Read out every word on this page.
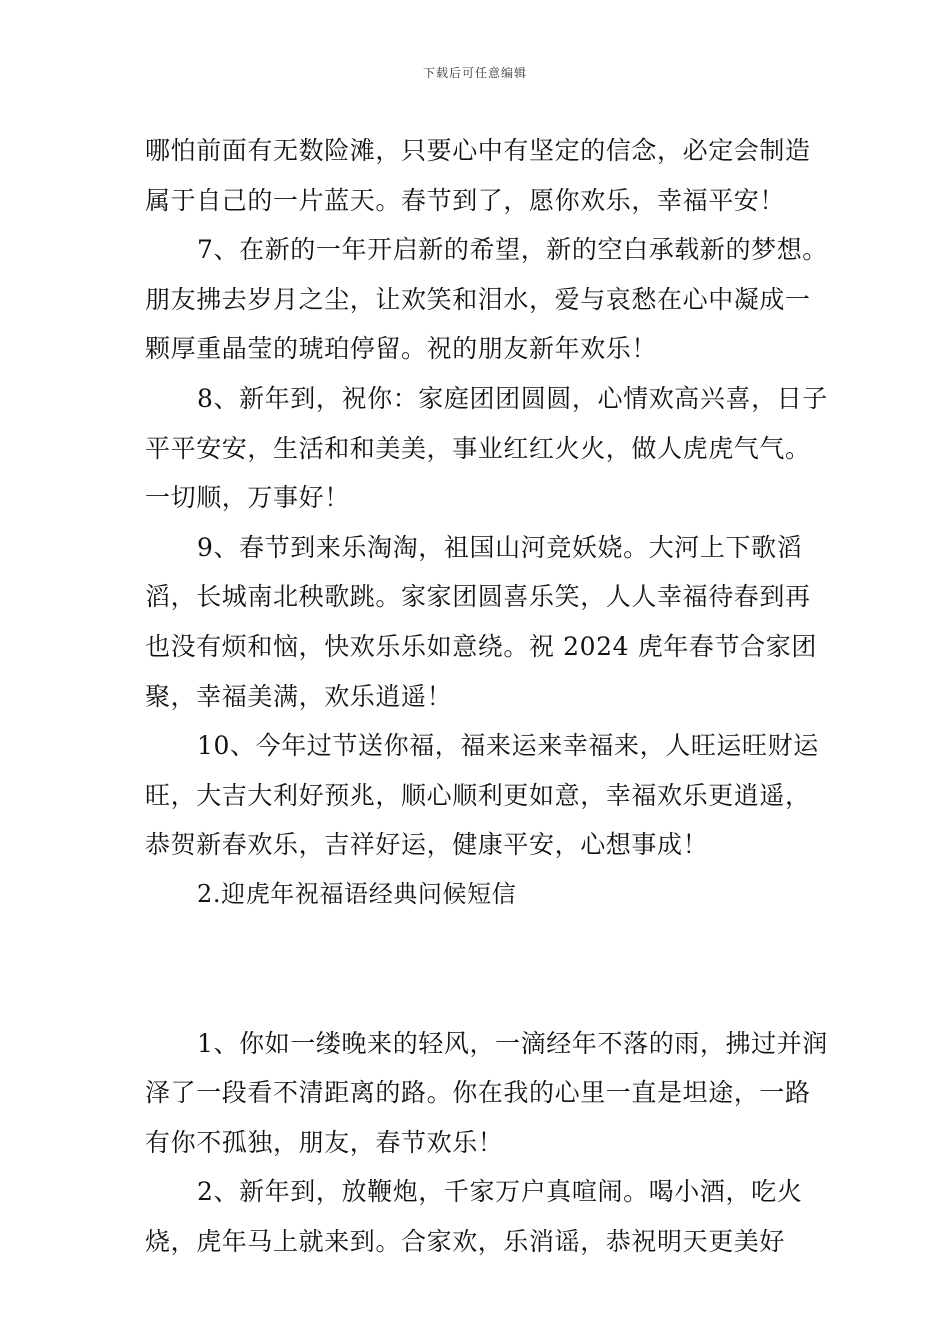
下载后可任意编辑

哪怕前面有无数险滩，只要心中有坚定的信念，必定会制造属于自己的一片蓝天。春节到了，愿你欢乐，幸福平安！

7、在新的一年开启新的希望，新的空白承载新的梦想。朋友拂去岁月之尘，让欢笑和泪水，爱与哀愁在心中凝成一颗厚重晶莹的琥珀停留。祝的朋友新年欢乐！

8、新年到，祝你：家庭团团圆圆，心情欢高兴喜，日子平平安安，生活和和美美，事业红红火火，做人虎虎气气。一切顺，万事好！

9、春节到来乐淘淘，祖国山河竞妖娆。大河上下歌滔滔，长城南北秧歌跳。家家团圆喜乐笑，人人幸福待春到再也没有烦和恼，快欢乐乐如意绕。祝 2024 虎年春节合家团聚，幸福美满，欢乐逍遥！

10、今年过节送你福，福来运来幸福来，人旺运旺财运旺，大吉大利好预兆，顺心顺利更如意，幸福欢乐更逍遥，恭贺新春欢乐，吉祥好运，健康平安，心想事成！

2.迎虎年祝福语经典问候短信

1、你如一缕晚来的轻风，一滴经年不落的雨，拂过并润泽了一段看不清距离的路。你在我的心里一直是坦途，一路有你不孤独，朋友，春节欢乐！

2、新年到，放鞭炮，千家万户真喧闹。喝小酒，吃火烧，虎年马上就来到。合家欢，乐消谣，恭祝明天更美好
